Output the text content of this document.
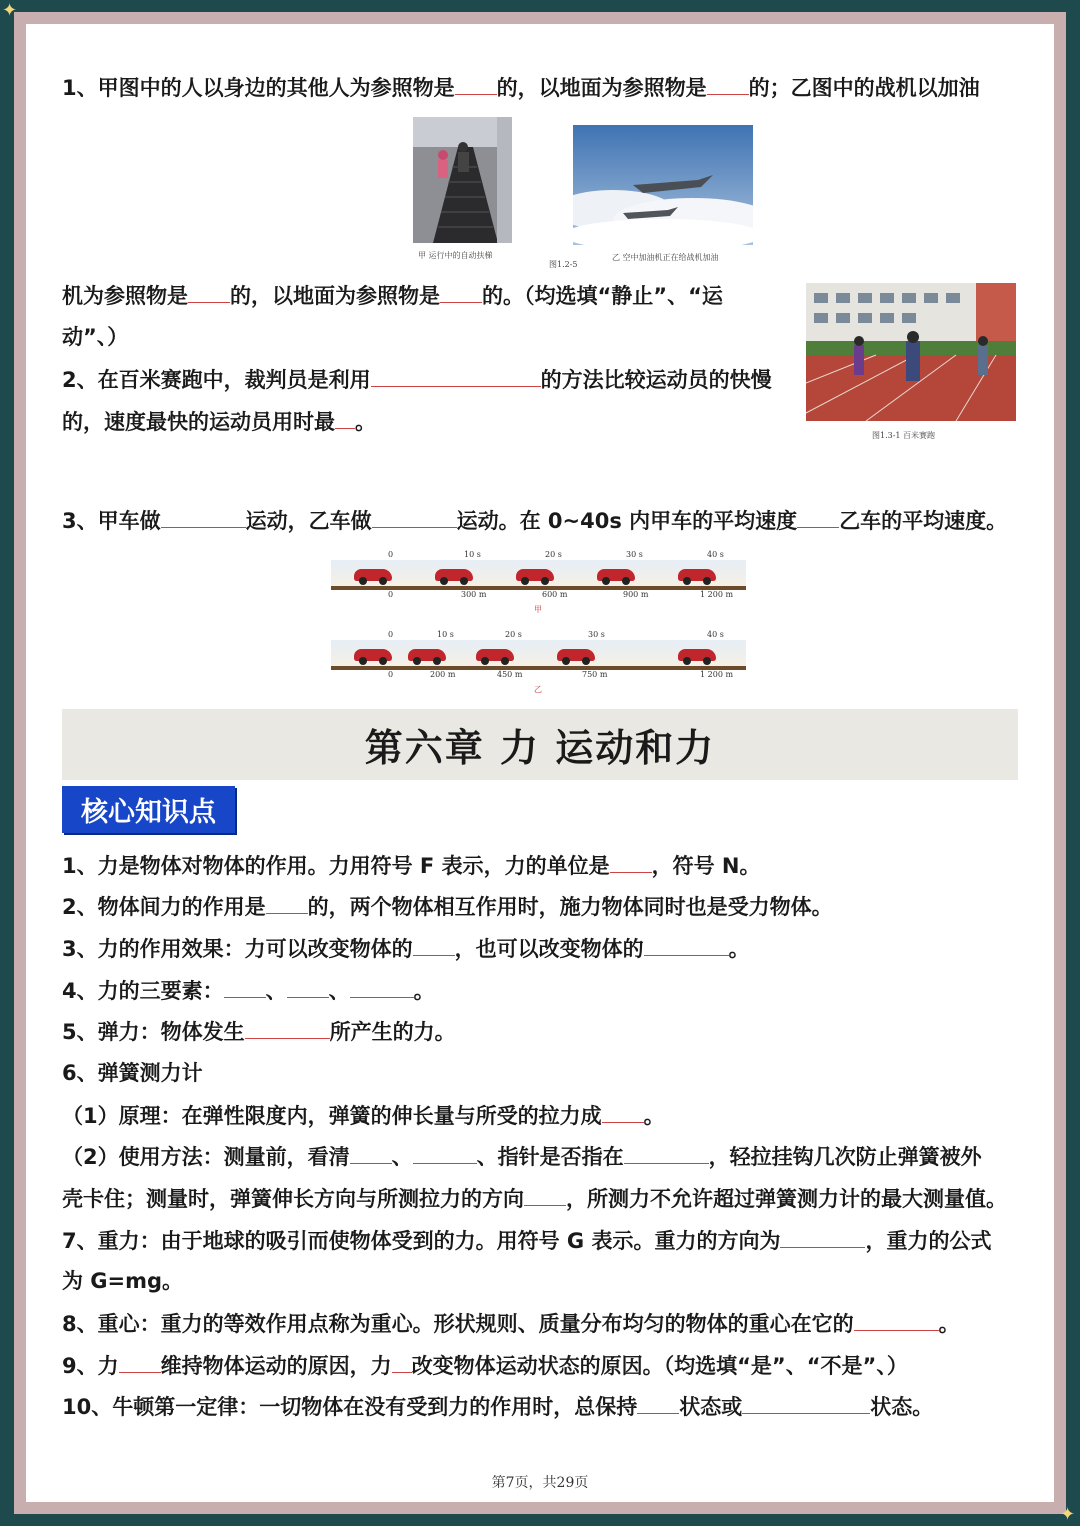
✦
✦
1、甲图中的人以身边的其他人为参照物是 的，以地面为参照物是 的；乙图中的战机以加油
甲 运行中的自动扶梯
图1.2-5
乙 空中加油机正在给战机加油
机为参照物是 的，以地面为参照物是 的。（均选填“静止”、“运
动”、）
图1.3-1 百米赛跑
2、在百米赛跑中，裁判员是利用	的方法比较运动员的快慢
的，速度最快的运动员用时最 。
3、甲车做	运动，乙车做	运动。在 0~40s 内甲车的平均速度 乙车的平均速度。
0	10 s	20 s	30 s	40 s
0	300 m	600 m	900 m	1 200 m
甲
0	10 s	20 s	30 s	40 s
0	200 m	450 m	750 m	1 200 m
乙
第六章 力 运动和力
核心知识点
1、力是物体对物体的作用。力用符号 F 表示，力的单位是 ，符号 N。
2、物体间力的作用是 的，两个物体相互作用时，施力物体同时也是受力物体。
3、力的作用效果：力可以改变物体的 ，也可以改变物体的	。
4、力的三要素： 、 、	。
5、弹力：物体发生	所产生的力。
6、弹簧测力计
（1）原理：在弹性限度内，弹簧的伸长量与所受的拉力成 。
（2）使用方法：测量前，看清 、	、指针是否指在	，轻拉挂钩几次防止弹簧被外
壳卡住；测量时，弹簧伸长方向与所测拉力的方向 ，所测力不允许超过弹簧测力计的最大测量值。
7、重力：由于地球的吸引而使物体受到的力。用符号 G 表示。重力的方向为	，重力的公式
为 G=mg。
8、重心：重力的等效作用点称为重心。形状规则、质量分布均匀的物体的重心在它的	。
9、力 维持物体运动的原因，力 改变物体运动状态的原因。（均选填“是”、“不是”、）
10、牛顿第一定律：一切物体在没有受到力的作用时，总保持 状态或	状态。
第7页，共29页
